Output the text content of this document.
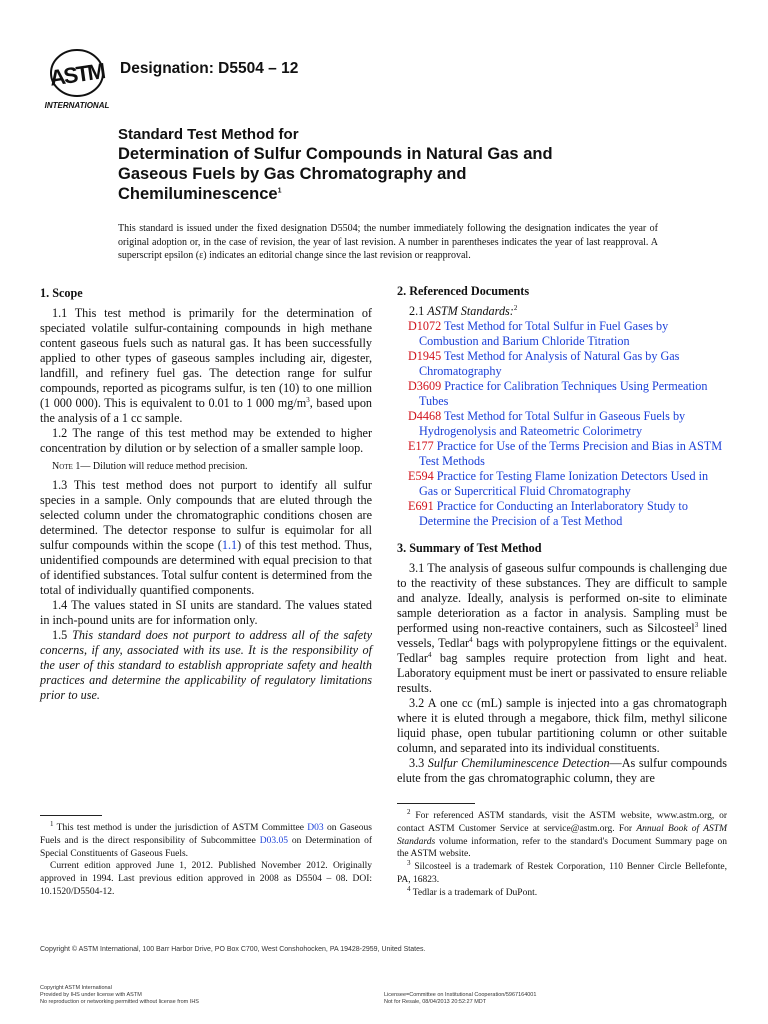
ASTM
INTERNATIONAL
Designation: D5504 – 12
Standard Test Method for
Determination of Sulfur Compounds in Natural Gas and
Gaseous Fuels by Gas Chromatography and
Chemiluminescence$^1$
This standard is issued under the fixed designation D5504; the number immediately following the designation indicates the year of original adoption or, in the case of revision, the year of last revision. A number in parentheses indicates the year of last reapproval. A superscript epsilon (ε) indicates an editorial change since the last revision or reapproval.
1. Scope

1.1 This test method is primarily for the determination of speciated volatile sulfur-containing compounds in high methane content gaseous fuels such as natural gas. It has been successfully applied to other types of gaseous samples including air, digester, landfill, and refinery fuel gas. The detection range for sulfur compounds, reported as picograms sulfur, is ten (10) to one million (1 000 000). This is equivalent to 0.01 to 1 000 $mg/m^3$, based upon the analysis of a 1 cc sample.

1.2 The range of this test method may be extended to higher concentration by dilution or by selection of a smaller sample loop.

Note 1— Dilution will reduce method precision.

1.3 This test method does not purport to identify all sulfur species in a sample. Only compounds that are eluted through the selected column under the chromatographic conditions chosen are determined. The detector response to sulfur is equimolar for all sulfur compounds within the scope (1.1) of this test method. Thus, unidentified compounds are determined with equal precision to that of identified substances. Total sulfur content is determined from the total of individually quantified components.

1.4 The values stated in SI units are standard. The values stated in inch-pound units are for information only.

1.5 This standard does not purport to address all of the safety concerns, if any, associated with its use. It is the responsibility of the user of this standard to establish appropriate safety and health practices and determine the applicability of regulatory limitations prior to use.

2. Referenced Documents

2.1 ASTM Standards:$^2$

D1072 Test Method for Total Sulfur in Fuel Gases by Combustion and Barium Chloride Titration

D1945 Test Method for Analysis of Natural Gas by Gas Chromatography

D3609 Practice for Calibration Techniques Using Permeation Tubes

D4468 Test Method for Total Sulfur in Gaseous Fuels by Hydrogenolysis and Rateometric Colorimetry

E177 Practice for Use of the Terms Precision and Bias in ASTM Test Methods

E594 Practice for Testing Flame Ionization Detectors Used in Gas or Supercritical Fluid Chromatography

E691 Practice for Conducting an Interlaboratory Study to Determine the Precision of a Test Method

3. Summary of Test Method

3.1 The analysis of gaseous sulfur compounds is challenging due to the reactivity of these substances. They are difficult to sample and analyze. Ideally, analysis is performed on-site to eliminate sample deterioration as a factor in analysis. Sampling must be performed using non-reactive containers, such as Silcosteel$^3$ lined vessels, Tedlar$^4$ bags with polypropylene fittings or the equivalent. Tedlar$^4$ bag samples require protection from light and heat. Laboratory equipment must be inert or passivated to ensure reliable results.

3.2 A one cc (mL) sample is injected into a gas chromatograph where it is eluted through a megabore, thick film, methyl silicone liquid phase, open tubular partitioning column or other suitable column, and separated into its individual constituents.

3.3 Sulfur Chemiluminescence Detection—As sulfur compounds elute from the gas chromatographic column, they are

$^1$ This test method is under the jurisdiction of ASTM Committee D03 on Gaseous Fuels and is the direct responsibility of Subcommittee D03.05 on Determination of Special Constituents of Gaseous Fuels.

Current edition approved June 1, 2012. Published November 2012. Originally approved in 1994. Last previous edition approved in 2008 as D5504 – 08. DOI: 10.1520/D5504-12.

$^2$ For referenced ASTM standards, visit the ASTM website, www.astm.org, or contact ASTM Customer Service at service@astm.org. For Annual Book of ASTM Standards volume information, refer to the standard's Document Summary page on the ASTM website.

$^3$ Silcosteel is a trademark of Restek Corporation, 110 Benner Circle Bellefonte, PA, 16823.

$^4$ Tedlar is a trademark of DuPont.

Copyright © ASTM International, 100 Barr Harbor Drive, PO Box C700, West Conshohocken, PA 19428-2959, United States.
Copyright ASTM International
Provided by IHS under license with ASTM
No reproduction or networking permitted without license from IHS
Licensee=Committee on Institutional Cooperation/5967164001
Not for Resale, 08/04/2013 20:52:27 MDT
